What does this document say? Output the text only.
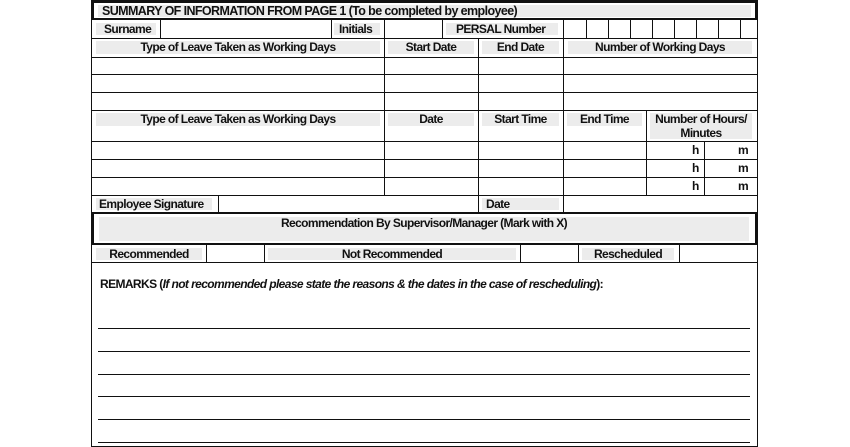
SUMMARY OF INFORMATION FROM PAGE 1 (To be completed by employee)
Surname	Initials	PERSAL Number
Type of Leave Taken as Working Days	Start Date	End Date	Number of Working Days
Type of Leave Taken as Working Days	Date	Start Time	End Time	Number of Hours/
Minutes
h	m
h	m
h	m
Employee Signature	Date
Recommendation By Supervisor/Manager (Mark with X)
Recommended	Not Recommended	Rescheduled
REMARKS (If not recommended please state the reasons & the dates in the case of rescheduling):
